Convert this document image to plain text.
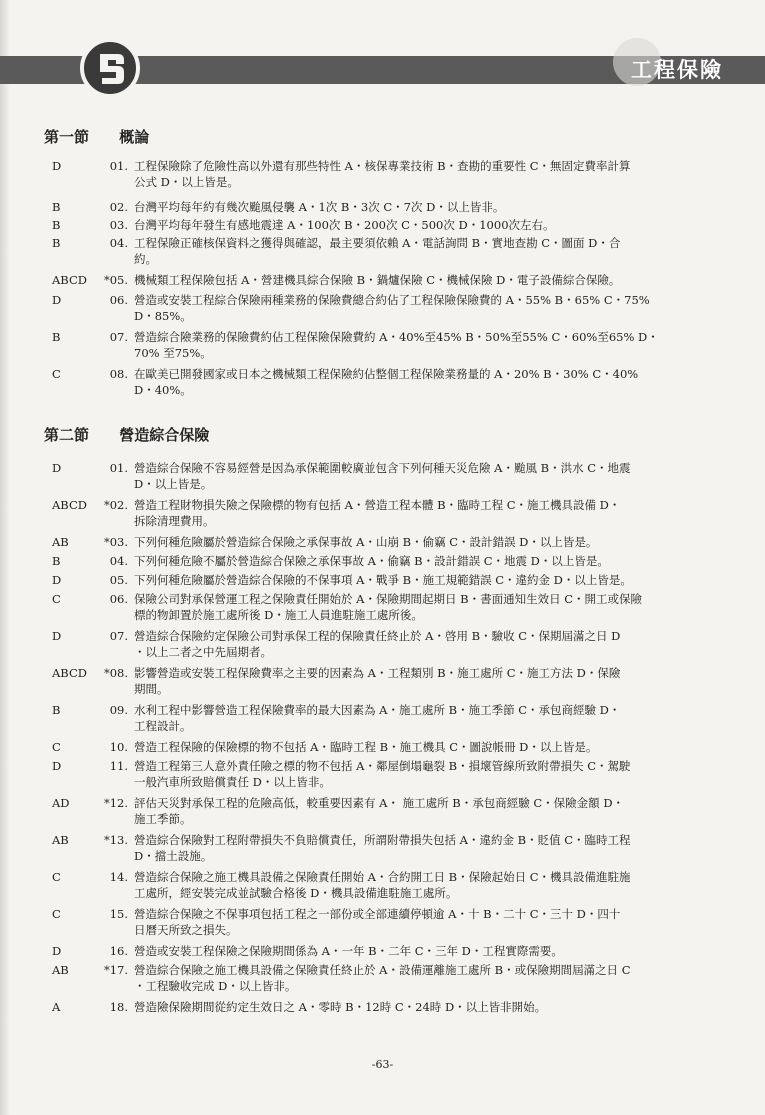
工程保險
第一節 概論
D	01. 工程保險除了危險性高以外還有那些特性 A・核保專業技術 B・查勘的重要性 C・無固定費率計算
公式 D・以上皆是。
B	02. 台灣平均每年約有幾次颱風侵襲 A・1次 B・3次 C・7次 D・以上皆非。
B	03. 台灣平均每年發生有感地震達 A・100次 B・200次 C・500次 D・1000次左右。
B	04. 工程保險正確核保資料之獲得與確認，最主要須依賴 A・電話詢問 B・實地查勘 C・圖面 D・合
約。
ABCD	*05. 機械類工程保險包括 A・營建機具綜合保險 B・鍋爐保險 C・機械保險 D・電子設備綜合保險。
D	06. 營造或安裝工程綜合保險兩種業務的保險費總合約佔了工程保險保險費的 A・55% B・65% C・75%
D・85%。
B	07. 營造綜合險業務的保險費約佔工程保險保險費約 A・40%至45% B・50%至55% C・60%至65% D・
70% 至75%。
C	08. 在歐美已開發國家或日本之機械類工程保險約佔整個工程保險業務量的 A・20% B・30% C・40%
D・40%。
第二節 營造綜合保險
D	01. 營造綜合保險不容易經營是因為承保範圍較廣並包含下列何種天災危險 A・颱風 B・洪水 C・地震
D・以上皆是。
ABCD	*02. 營造工程財物損失險之保險標的物有包括 A・營造工程本體 B・臨時工程 C・施工機具設備 D・
拆除清理費用。
AB	*03. 下列何種危險屬於營造綜合保險之承保事故 A・山崩 B・偷竊 C・設計錯誤 D・以上皆是。
B	04. 下列何種危險不屬於營造綜合保險之承保事故 A・偷竊 B・設計錯誤 C・地震 D・以上皆是。
D	05. 下列何種危險屬於營造綜合保險的不保事項 A・戰爭 B・施工規範錯誤 C・違約金 D・以上皆是。
C	06. 保險公司對承保營運工程之保險責任開始於 A・保險期間起期日 B・書面通知生效日 C・開工或保險
標的物卸置於施工處所後 D・施工人員進駐施工處所後。
D	07. 營造綜合保險約定保險公司對承保工程的保險責任終止於 A・啓用 B・驗收 C・保期屆滿之日 D
・以上二者之中先屆期者。
ABCD	*08. 影響營造或安裝工程保險費率之主要的因素為 A・工程類別 B・施工處所 C・施工方法 D・保險
期間。
B	09. 水利工程中影響營造工程保險費率的最大因素為 A・施工處所 B・施工季節 C・承包商經驗 D・
工程設計。
C	10. 營造工程保險的保險標的物不包括 A・臨時工程 B・施工機具 C・圖說帳冊 D・以上皆是。
D	11. 營造工程第三人意外責任險之標的物不包括 A・鄰屋倒塌龜裂 B・損壞管線所致附帶損失 C・駕駛
一般汽車所致賠償責任 D・以上皆非。
AD	*12. 評估天災對承保工程的危險高低，較重要因素有 A・ 施工處所 B・承包商經驗 C・保險金額 D・
施工季節。
AB	*13. 營造綜合保險對工程附帶損失不負賠償責任，所謂附帶損失包括 A・違約金 B・貶值 C・臨時工程
D・擋土設施。
C	14. 營造綜合保險之施工機具設備之保險責任開始 A・合約開工日 B・保險起始日 C・機具設備進駐施
工處所，經安裝完成並試驗合格後 D・機具設備進駐施工處所。
C	15. 營造綜合保險之不保事項包括工程之一部份或全部連續停頓逾 A・十 B・二十 C・三十 D・四十
日曆天所致之損失。
D	16. 營造或安裝工程保險之保險期間係為 A・一年 B・二年 C・三年 D・工程實際需要。
AB	*17. 營造綜合保險之施工機具設備之保險責任終止於 A・設備運離施工處所 B・或保險期間屆滿之日 C
・工程驗收完成 D・以上皆非。
A	18. 營造險保險期間從約定生效日之 A・零時 B・12時 C・24時 D・以上皆非開始。
-63-
